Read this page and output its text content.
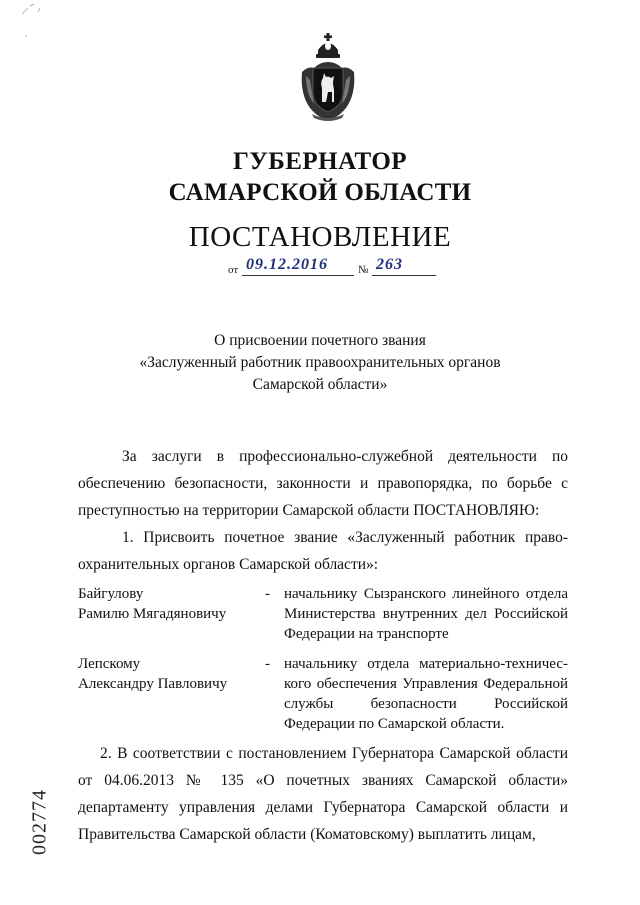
ГУБЕРНАТОР
САМАРСКОЙ ОБЛАСТИ
ПОСТАНОВЛЕНИЕ
от 09.12.2016	№ 263
О присвоении почетного звания
«Заслуженный работник правоохранительных органов
Самарской области»
За заслуги в профессионально-служебной деятельности по обеспечению безопасности, законности и правопорядка, по борьбе с преступностью на территории Самарской области ПОСТАНОВЛЯЮ:
1. Присвоить почетное звание «Заслуженный работник правоохранительных органов Самарской области»:
Байгулову
Рамилю Мягадяновичу
- начальнику Сызранского линейного отдела Министерства внутренних дел Российской Федерации на транспорте
Лепскому
Александру Павловичу
- начальнику отдела материально-технического обеспечения Управления Федеральной службы безопасности Российской Федерации по Самарской области.
2. В соответствии с постановлением Губернатора Самарской области от 04.06.2013 № 135 «О почетных званиях Самарской области» департаменту управления делами Губернатора Самарской области и Правительства Самарской области (Коматовскому) выплатить лицам,
002774
